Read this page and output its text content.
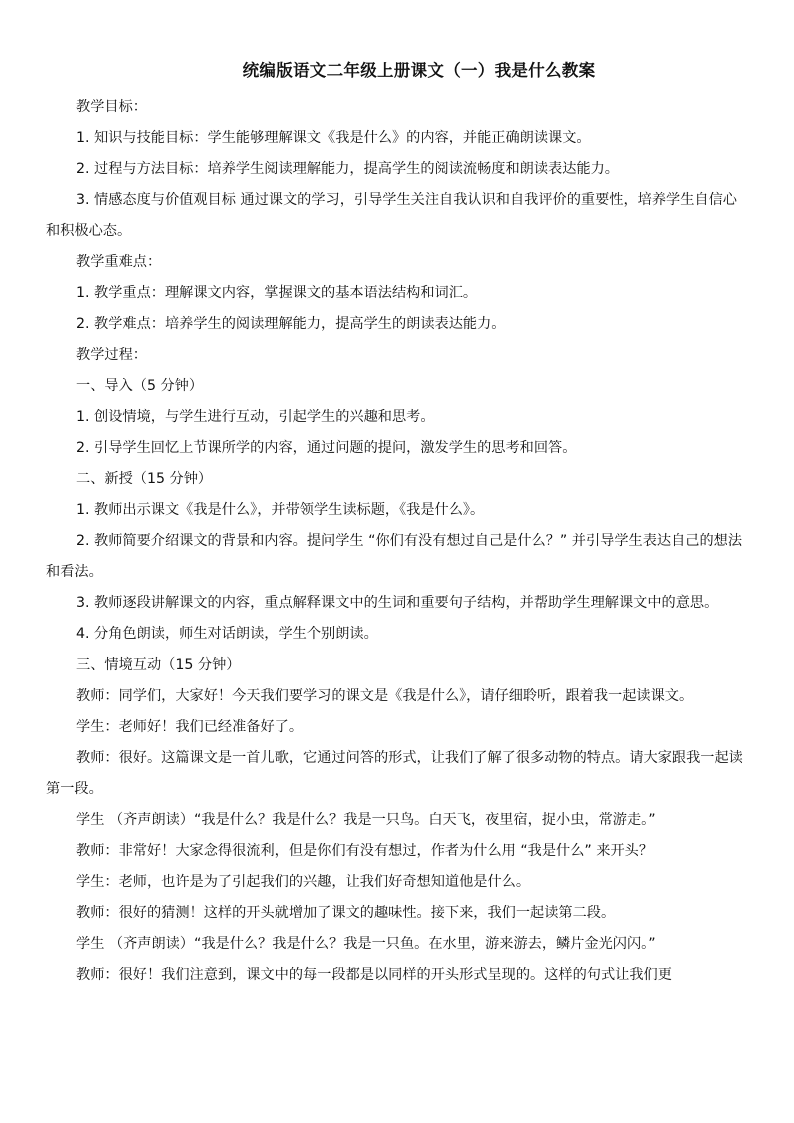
统编版语文二年级上册课文（一）我是什么教案

教学目标：

1. 知识与技能目标：学生能够理解课文《我是什么》的内容，并能正确朗读课文。

2. 过程与方法目标：培养学生阅读理解能力，提高学生的阅读流畅度和朗读表达能力。

3. 情感态度与价值观目标 通过课文的学习，引导学生关注自我认识和自我评价的重要性，培养学生自信心和积极心态。

教学重难点：

1. 教学重点：理解课文内容，掌握课文的基本语法结构和词汇。

2. 教学难点：培养学生的阅读理解能力，提高学生的朗读表达能力。

教学过程：

一、导入（5 分钟）

1. 创设情境，与学生进行互动，引起学生的兴趣和思考。

2. 引导学生回忆上节课所学的内容，通过问题的提问，激发学生的思考和回答。

二、新授（15 分钟）

1. 教师出示课文《我是什么》，并带领学生读标题，《我是什么》。

2. 教师简要介绍课文的背景和内容。提问学生 “你们有没有想过自己是什么？” 并引导学生表达自己的想法和看法。

3. 教师逐段讲解课文的内容，重点解释课文中的生词和重要句子结构，并帮助学生理解课文中的意思。

4. 分角色朗读，师生对话朗读，学生个别朗读。

三、情境互动（15 分钟）

教师：同学们，大家好！今天我们要学习的课文是《我是什么》，请仔细聆听，跟着我一起读课文。

学生：老师好！我们已经准备好了。

教师：很好。这篇课文是一首儿歌，它通过问答的形式，让我们了解了很多动物的特点。请大家跟我一起读第一段。

学生 （齐声朗读）“我是什么？我是什么？我是一只鸟。白天飞，夜里宿，捉小虫，常游走。”

教师：非常好！大家念得很流利，但是你们有没有想过，作者为什么用 “我是什么” 来开头？

学生：老师，也许是为了引起我们的兴趣，让我们好奇想知道他是什么。

教师：很好的猜测！这样的开头就增加了课文的趣味性。接下来，我们一起读第二段。

学生 （齐声朗读）“我是什么？我是什么？我是一只鱼。在水里，游来游去，鳞片金光闪闪。”

教师：很好！我们注意到，课文中的每一段都是以同样的开头形式呈现的。这样的句式让我们更
